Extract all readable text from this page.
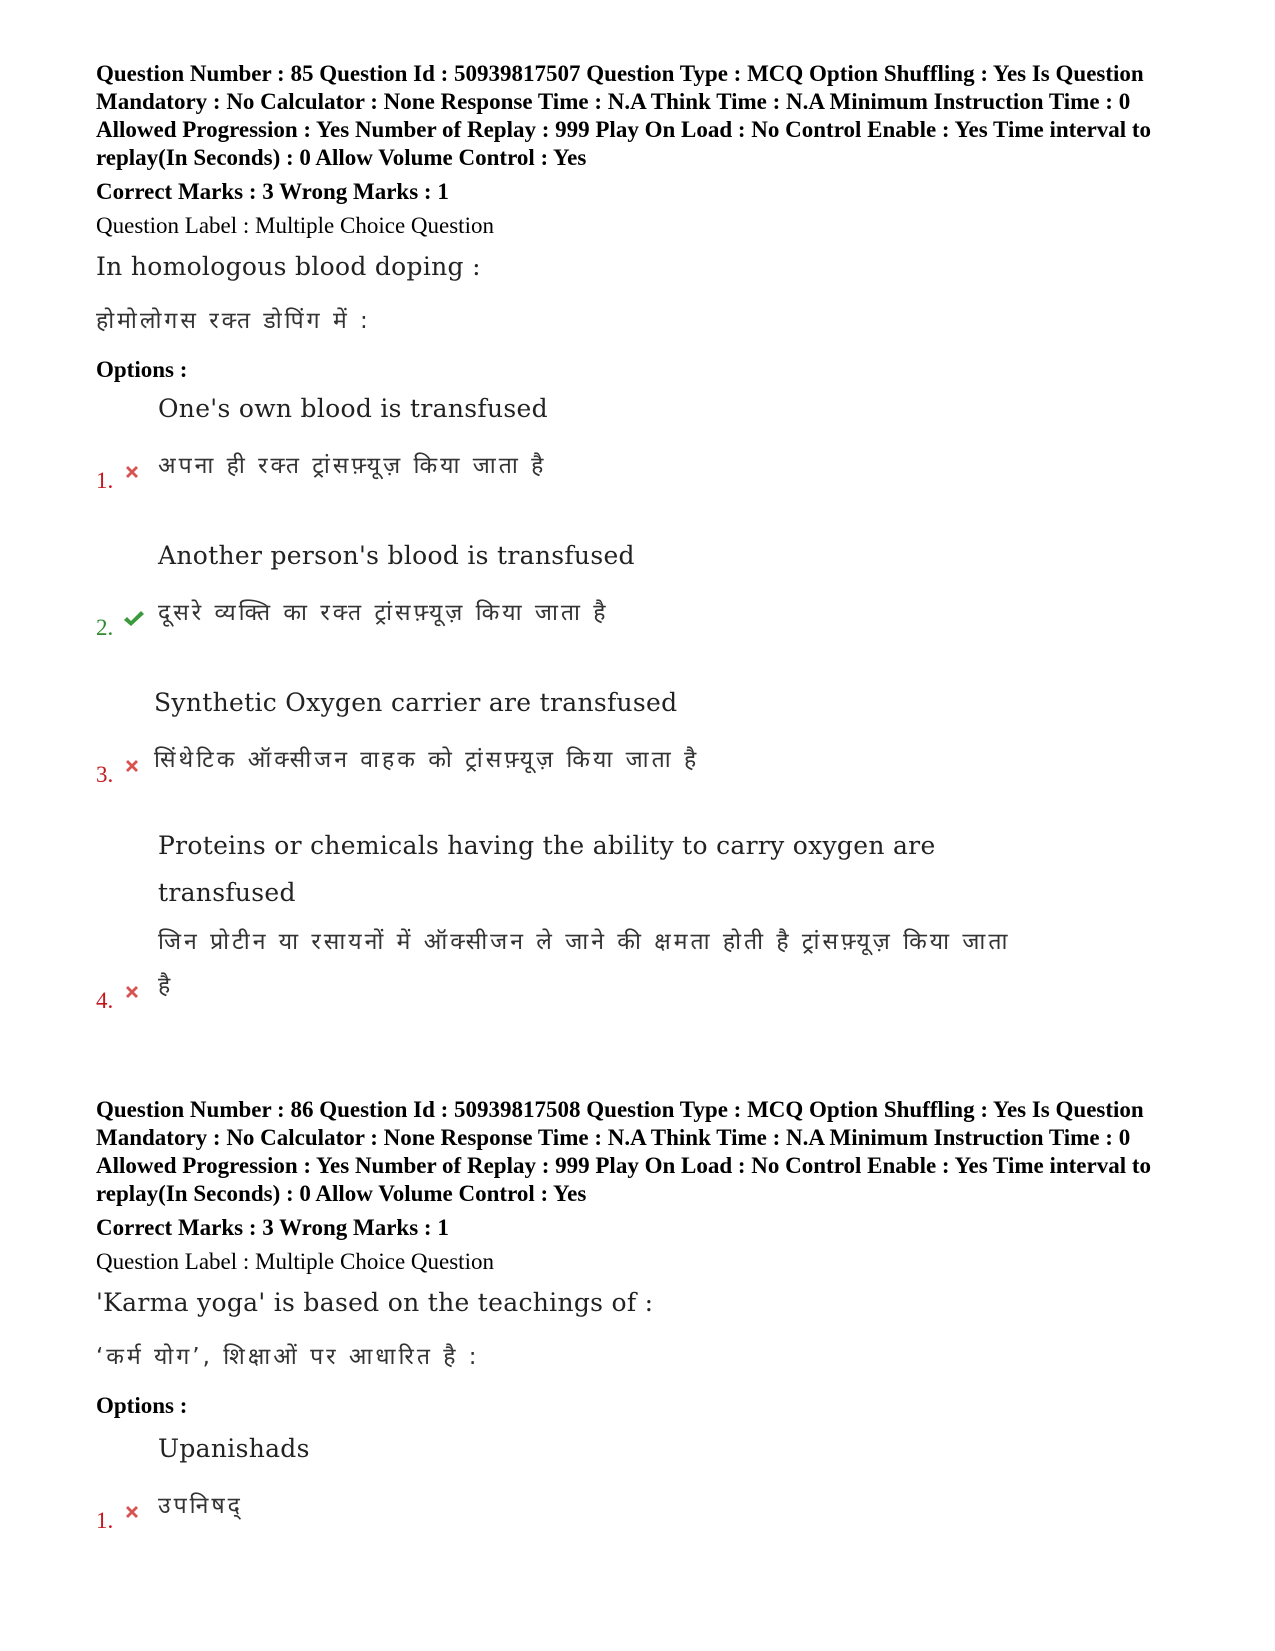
Question Number : 85 Question Id : 50939817507 Question Type : MCQ Option Shuffling : Yes Is Question Mandatory : No Calculator : None Response Time : N.A Think Time : N.A Minimum Instruction Time : 0 Allowed Progression : Yes Number of Replay : 999 Play On Load : No Control Enable : Yes Time interval to replay(In Seconds) : 0 Allow Volume Control : Yes
Correct Marks : 3 Wrong Marks : 1
Question Label : Multiple Choice Question
In homologous blood doping :
होमोलोगस रक्त डोपिंग में :
Options :
One's own blood is transfused
अपना ही रक्त ट्रांसफ़्यूज़ किया जाता है
1.
Another person's blood is transfused
दूसरे व्यक्ति का रक्त ट्रांसफ़्यूज़ किया जाता है
2.
Synthetic Oxygen carrier are transfused
सिंथेटिक ऑक्सीजन वाहक को ट्रांसफ़्यूज़ किया जाता है
3.
Proteins or chemicals having the ability to carry oxygen are transfused
जिन प्रोटीन या रसायनों में ऑक्सीजन ले जाने की क्षमता होती है ट्रांसफ़्यूज़ किया जाता है
4.
Question Number : 86 Question Id : 50939817508 Question Type : MCQ Option Shuffling : Yes Is Question Mandatory : No Calculator : None Response Time : N.A Think Time : N.A Minimum Instruction Time : 0 Allowed Progression : Yes Number of Replay : 999 Play On Load : No Control Enable : Yes Time interval to replay(In Seconds) : 0 Allow Volume Control : Yes
Correct Marks : 3 Wrong Marks : 1
Question Label : Multiple Choice Question
'Karma yoga' is based on the teachings of :
‘कर्म योग’, शिक्षाओं पर आधारित है :
Options :
Upanishads
उपनिषद्
1.
